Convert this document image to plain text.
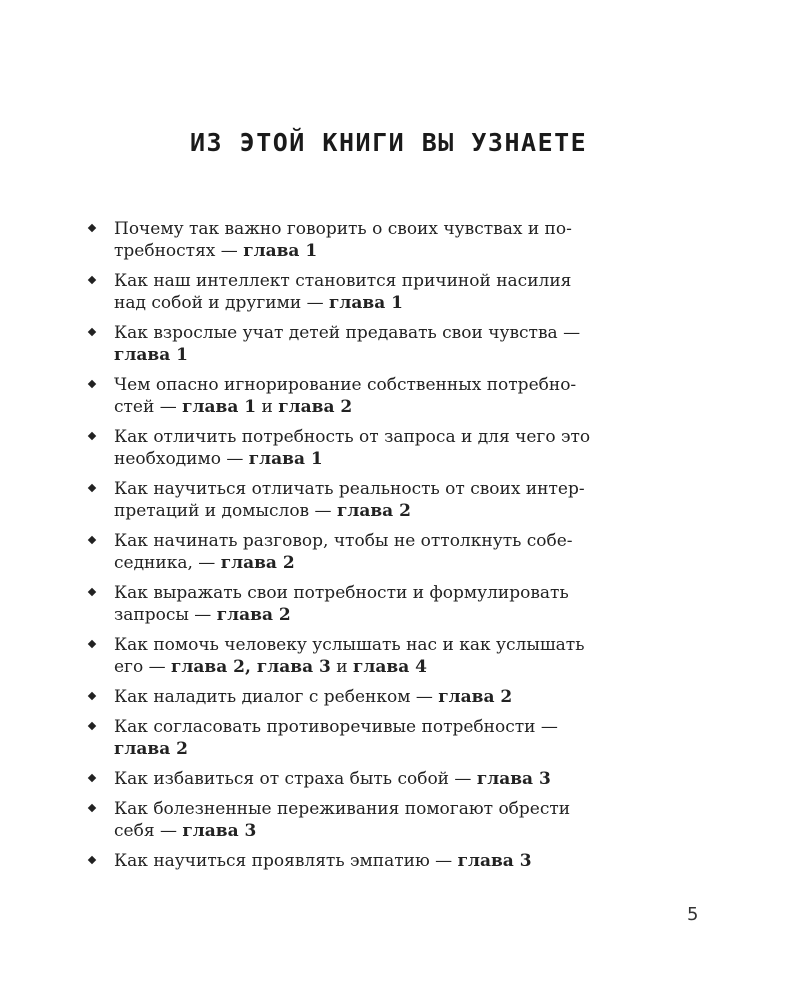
ИЗ ЭТОЙ КНИГИ ВЫ УЗНАЕТЕ
Почему так важно говорить о своих чувствах и по-
требностях — глава 1
Как наш интеллект становится причиной насилия
над собой и другими — глава 1
Как взрослые учат детей предавать свои чувства —
глава 1
Чем опасно игнорирование собственных потребно-
стей — глава 1 и глава 2
Как отличить потребность от запроса и для чего это
необходимо — глава 1
Как научиться отличать реальность от своих интер-
претаций и домыслов — глава 2
Как начинать разговор, чтобы не оттолкнуть собе-
седника, — глава 2
Как выражать свои потребности и формулировать
запросы — глава 2
Как помочь человеку услышать нас и как услышать
его — глава 2, глава 3 и глава 4
Как наладить диалог с ребенком — глава 2
Как согласовать противоречивые потребности —
глава 2
Как избавиться от страха быть собой — глава 3
Как болезненные переживания помогают обрести
себя — глава 3
Как научиться проявлять эмпатию — глава 3
5
